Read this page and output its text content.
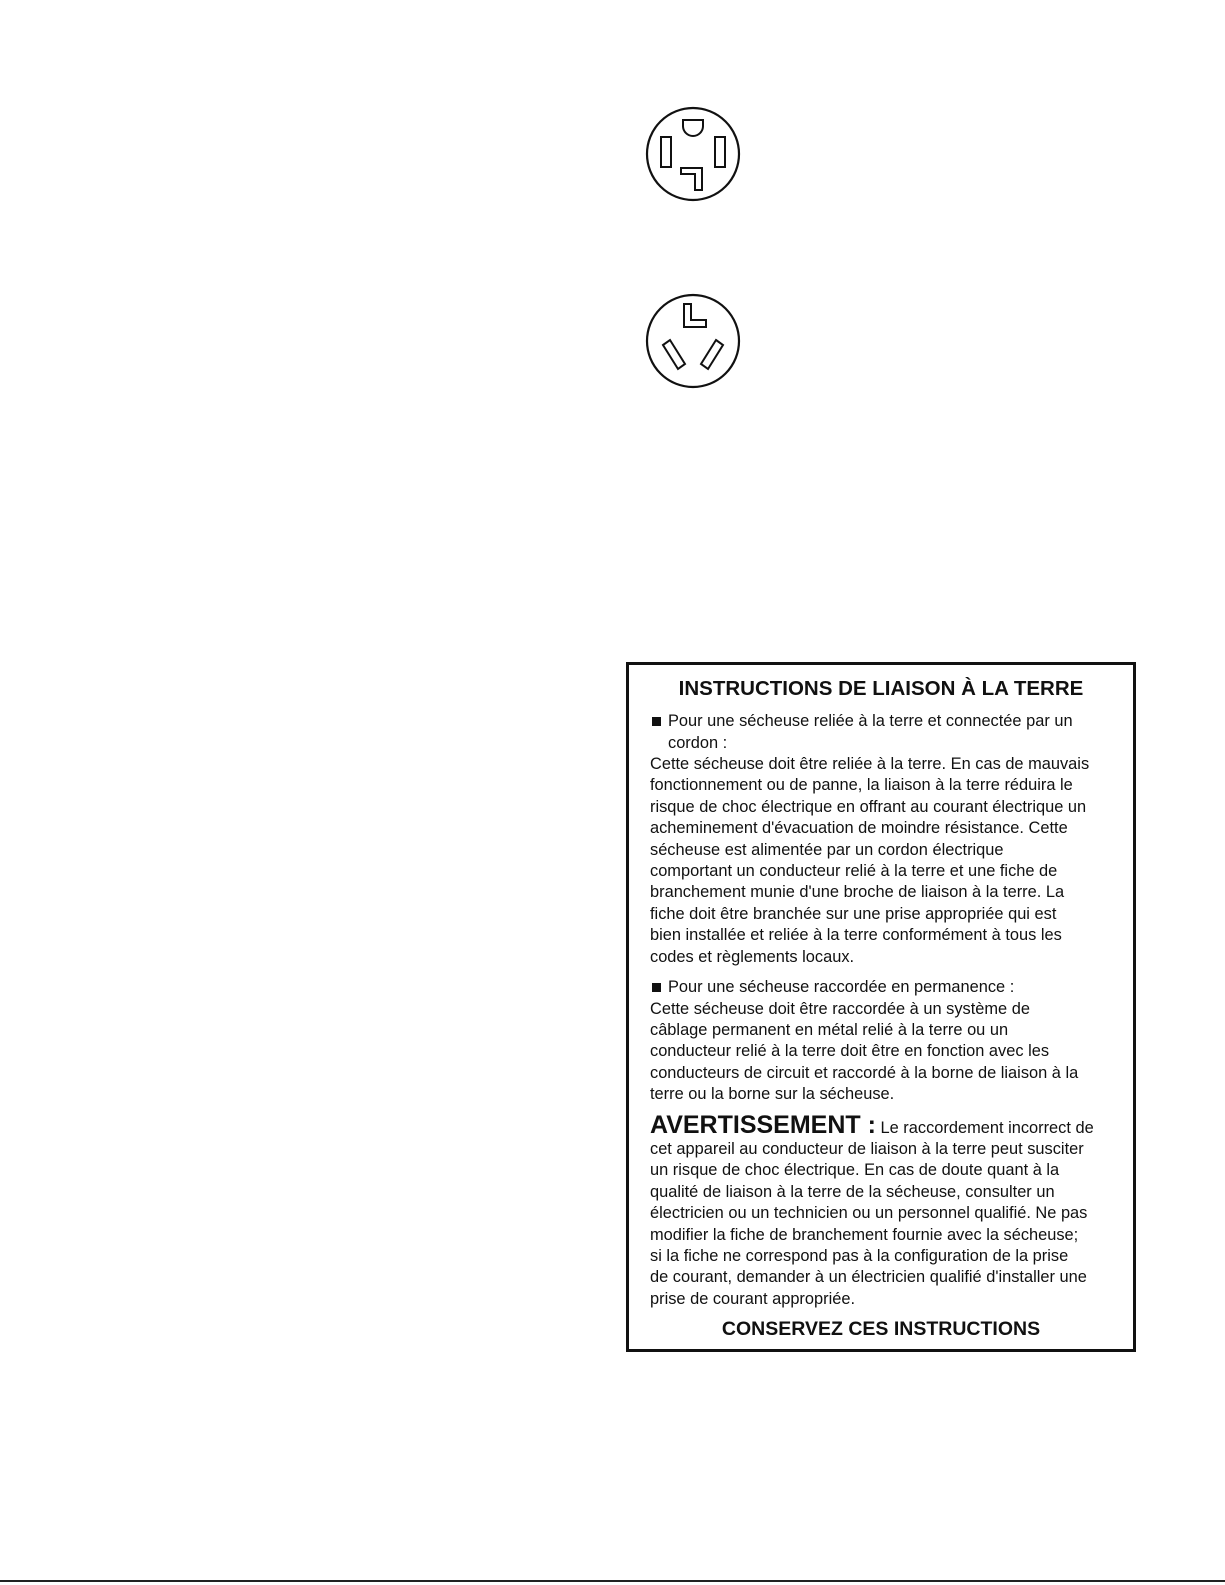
INSTRUCTIONS DE LIAISON À LA TERRE
Pour une sécheuse reliée à la terre et connectée par un
cordon :
Cette sécheuse doit être reliée à la terre. En cas de mauvais
fonctionnement ou de panne, la liaison à la terre réduira le
risque de choc électrique en offrant au courant électrique un
acheminement d'évacuation de moindre résistance. Cette
sécheuse est alimentée par un cordon électrique
comportant un conducteur relié à la terre et une fiche de
branchement munie d'une broche de liaison à la terre. La
fiche doit être branchée sur une prise appropriée qui est
bien installée et reliée à la terre conformément à tous les
codes et règlements locaux.
Pour une sécheuse raccordée en permanence :
Cette sécheuse doit être raccordée à un système de
câblage permanent en métal relié à la terre ou un
conducteur relié à la terre doit être en fonction avec les
conducteurs de circuit et raccordé à la borne de liaison à la
terre ou la borne sur la sécheuse.
AVERTISSEMENT : Le raccordement incorrect de
cet appareil au conducteur de liaison à la terre peut susciter
un risque de choc électrique. En cas de doute quant à la
qualité de liaison à la terre de la sécheuse, consulter un
électricien ou un technicien ou un personnel qualifié. Ne pas
modifier la fiche de branchement fournie avec la sécheuse;
si la fiche ne correspond pas à la configuration de la prise
de courant, demander à un électricien qualifié d'installer une
prise de courant appropriée.
CONSERVEZ CES INSTRUCTIONS
